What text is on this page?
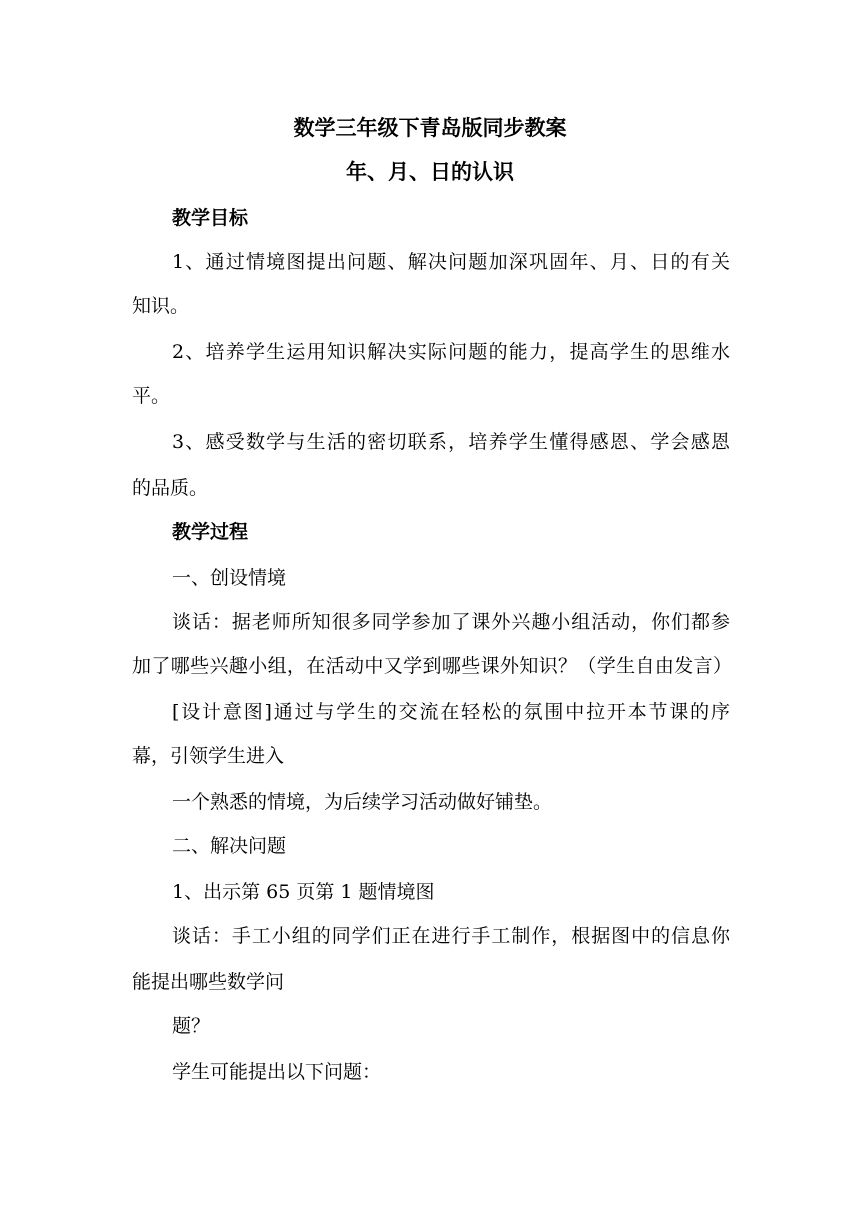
数学三年级下青岛版同步教案

年、月、日的认识

教学目标

1、通过情境图提出问题、解决问题加深巩固年、月、日的有关

知识。

2、培养学生运用知识解决实际问题的能力，提高学生的思维水

平。

3、感受数学与生活的密切联系，培养学生懂得感恩、学会感恩

的品质。

教学过程

一、创设情境

谈话：据老师所知很多同学参加了课外兴趣小组活动，你们都参

加了哪些兴趣小组，在活动中又学到哪些课外知识？（学生自由发言）

[设计意图]通过与学生的交流在轻松的氛围中拉开本节课的序

幕，引领学生进入

一个熟悉的情境，为后续学习活动做好铺垫。

二、解决问题

1、出示第 65 页第 1 题情境图

谈话：手工小组的同学们正在进行手工制作，根据图中的信息你

能提出哪些数学问

题？

学生可能提出以下问题：
